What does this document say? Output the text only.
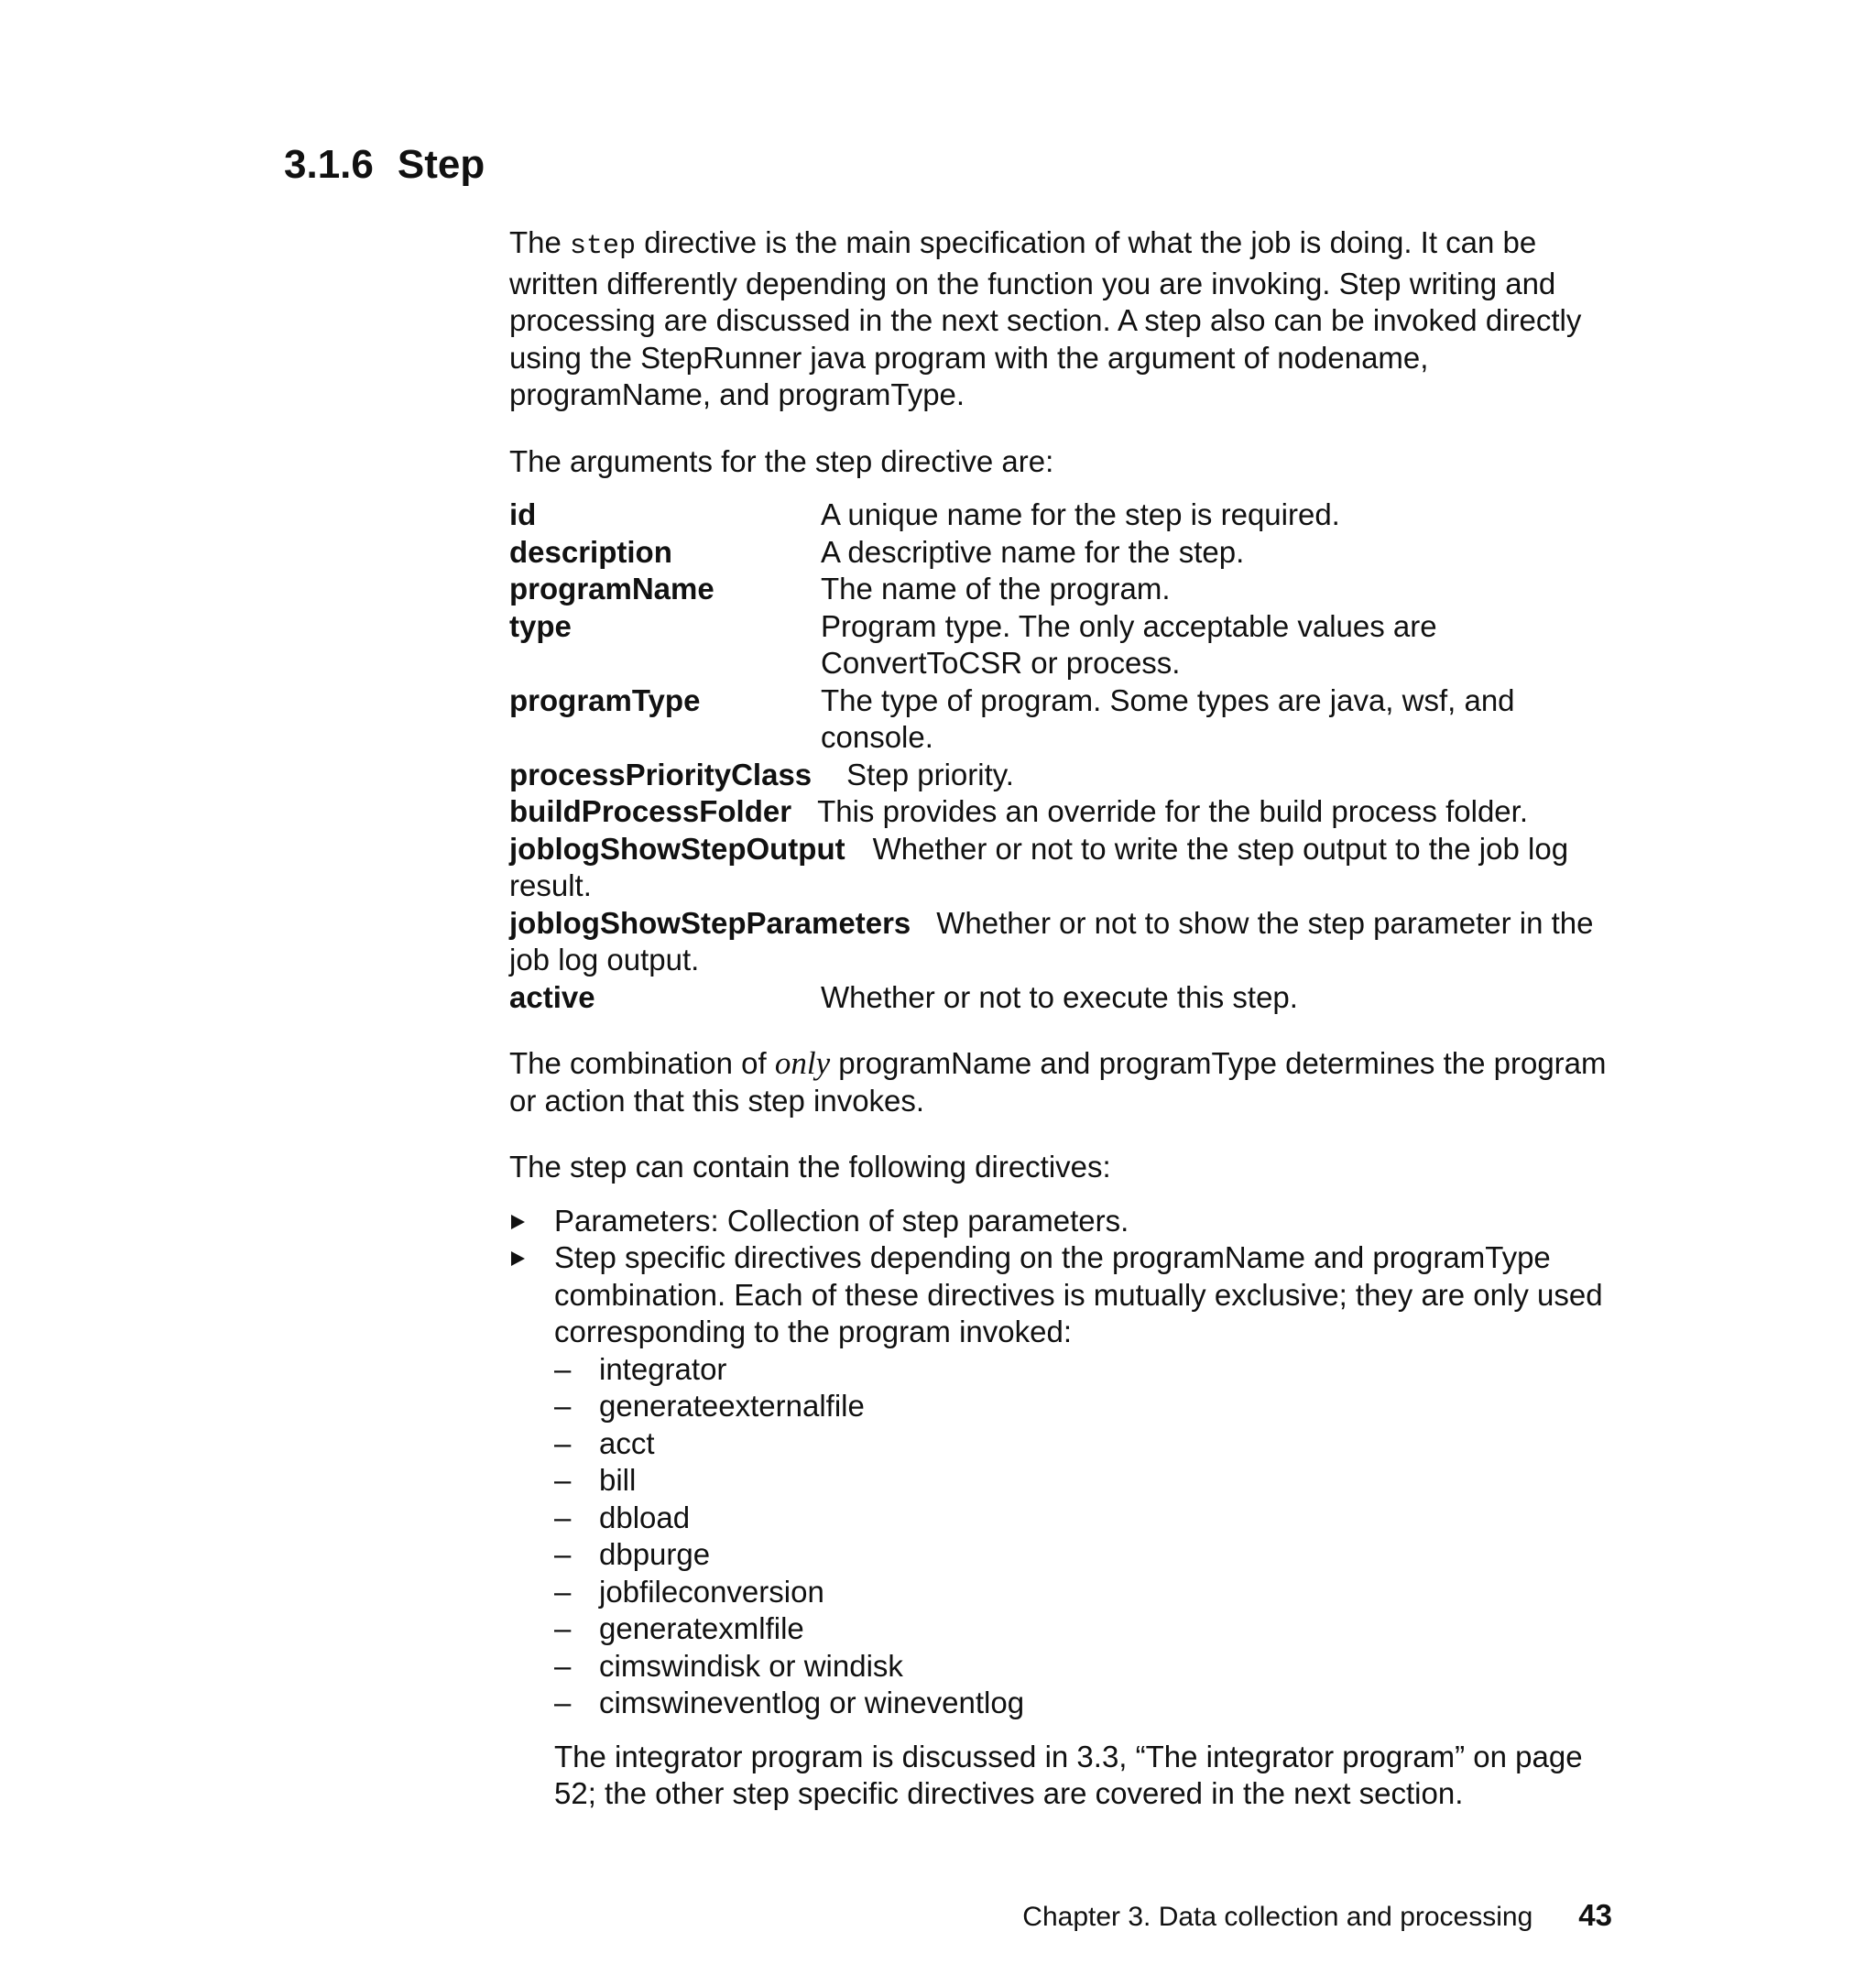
3.1.6 Step

The step directive is the main specification of what the job is doing. It can be written differently depending on the function you are invoking. Step writing and processing are discussed in the next section. A step also can be invoked directly using the StepRunner java program with the argument of nodename, programName, and programType.

The arguments for the step directive are:

id	A unique name for the step is required.
description	A descriptive name for the step.
programName	The name of the program.
type	Program type. The only acceptable values are ConvertToCSR or process.
programType	The type of program. Some types are java, wsf, and console.
processPriorityClass Step priority.
buildProcessFolder This provides an override for the build process folder.
joblogShowStepOutput Whether or not to write the step output to the job log result.
joblogShowStepParameters Whether or not to show the step parameter in the job log output.
active	Whether or not to execute this step.

The combination of only programName and programType determines the program or action that this step invokes.

The step can contain the following directives:

Parameters: Collection of step parameters.
Step specific directives depending on the programName and programType combination. Each of these directives is mutually exclusive; they are only used corresponding to the program invoked:
– integrator
– generateexternalfile
– acct
– bill
– dbload
– dbpurge
– jobfileconversion
– generatexmlfile
– cimswindisk or windisk
– cimswineventlog or wineventlog

The integrator program is discussed in 3.3, “The integrator program” on page 52; the other step specific directives are covered in the next section.

Chapter 3. Data collection and processing 43
